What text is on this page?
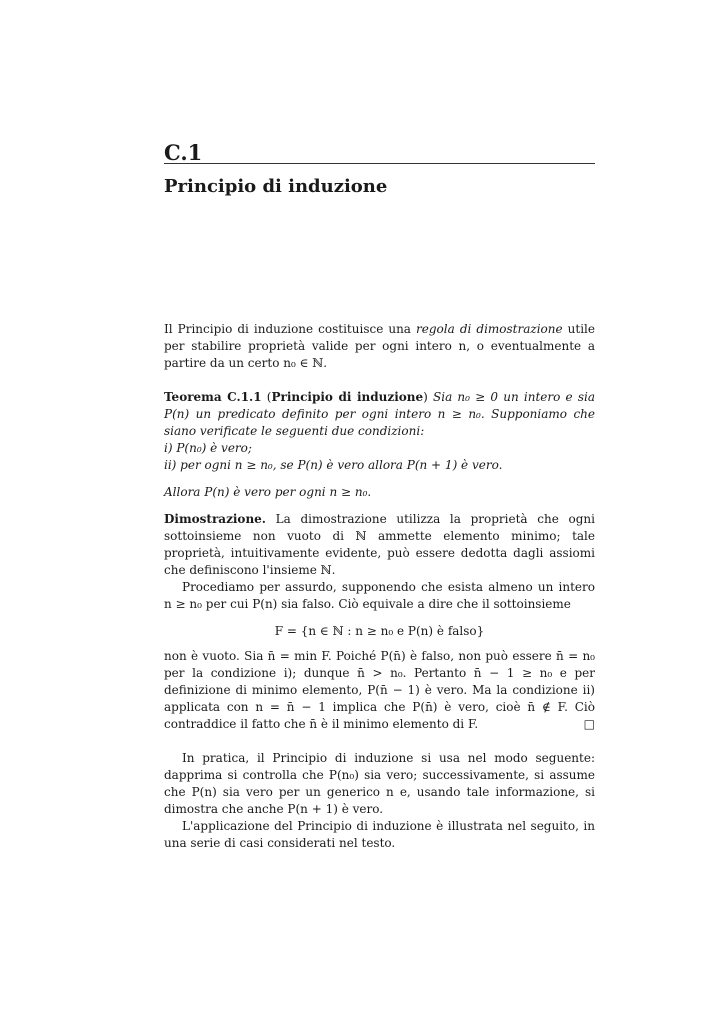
C.1
Principio di induzione

Il Principio di induzione costituisce una regola di dimostrazione utile per stabilire proprietà valide per ogni intero n, o eventualmente a partire da un certo n₀ ∈ ℕ.

Teorema C.1.1 (Principio di induzione) Sia n₀ ≥ 0 un intero e sia P(n) un predicato definito per ogni intero n ≥ n₀. Supponiamo che siano verificate le seguenti due condizioni:

i) P(n₀) è vero;

ii) per ogni n ≥ n₀, se P(n) è vero allora P(n + 1) è vero.

Allora P(n) è vero per ogni n ≥ n₀.

Dimostrazione. La dimostrazione utilizza la proprietà che ogni sottoinsieme non vuoto di ℕ ammette elemento minimo; tale proprietà, intuitivamente evidente, può essere dedotta dagli assiomi che definiscono l'insieme ℕ.

Procediamo per assurdo, supponendo che esista almeno un intero n ≥ n₀ per cui P(n) sia falso. Ciò equivale a dire che il sottoinsieme

F = {n ∈ ℕ : n ≥ n₀ e P(n) è falso}

non è vuoto. Sia n̄ = min F. Poiché P(n̄) è falso, non può essere n̄ = n₀ per la condizione i); dunque n̄ > n₀. Pertanto n̄ − 1 ≥ n₀ e per definizione di minimo elemento, P(n̄ − 1) è vero. Ma la condizione ii) applicata con n = n̄ − 1 implica che P(n̄) è vero, cioè n̄ ∉ F. Ciò contraddice il fatto che n̄ è il minimo elemento di F.	□

In pratica, il Principio di induzione si usa nel modo seguente: dapprima si controlla che P(n₀) sia vero; successivamente, si assume che P(n) sia vero per un generico n e, usando tale informazione, si dimostra che anche P(n + 1) è vero.

L'applicazione del Principio di induzione è illustrata nel seguito, in una serie di casi considerati nel testo.
